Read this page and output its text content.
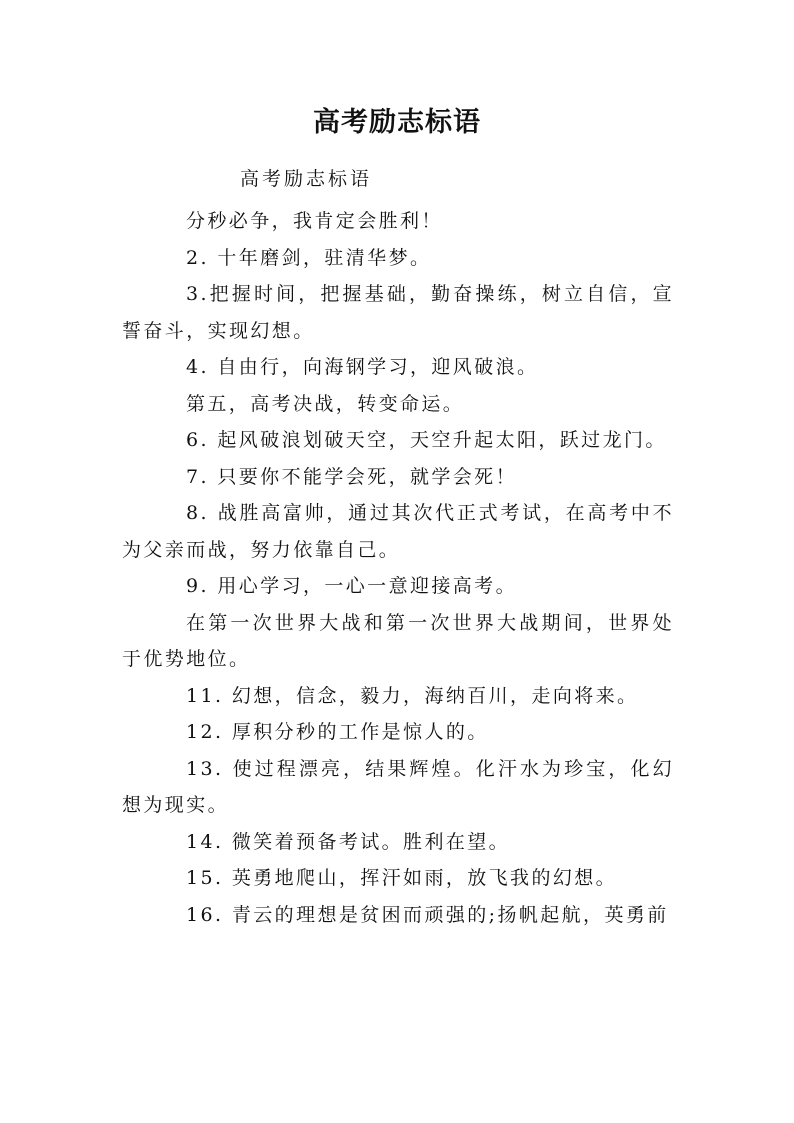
高考励志标语
高考励志标语

分秒必争，我肯定会胜利！

2. 十年磨剑，驻清华梦。

3.把握时间，把握基础，勤奋操练，树立自信，宣誓奋斗，实现幻想。

4. 自由行，向海钢学习，迎风破浪。

第五，高考决战，转变命运。

6. 起风破浪划破天空，天空升起太阳，跃过龙门。

7. 只要你不能学会死，就学会死！

8. 战胜高富帅，通过其次代正式考试，在高考中不为父亲而战，努力依靠自己。

9. 用心学习，一心一意迎接高考。

在第一次世界大战和第一次世界大战期间，世界处于优势地位。

11. 幻想，信念，毅力，海纳百川，走向将来。

12. 厚积分秒的工作是惊人的。

13. 使过程漂亮，结果辉煌。化汗水为珍宝，化幻想为现实。

14. 微笑着预备考试。胜利在望。

15. 英勇地爬山，挥汗如雨，放飞我的幻想。

16. 青云的理想是贫困而顽强的;扬帆起航，英勇前
